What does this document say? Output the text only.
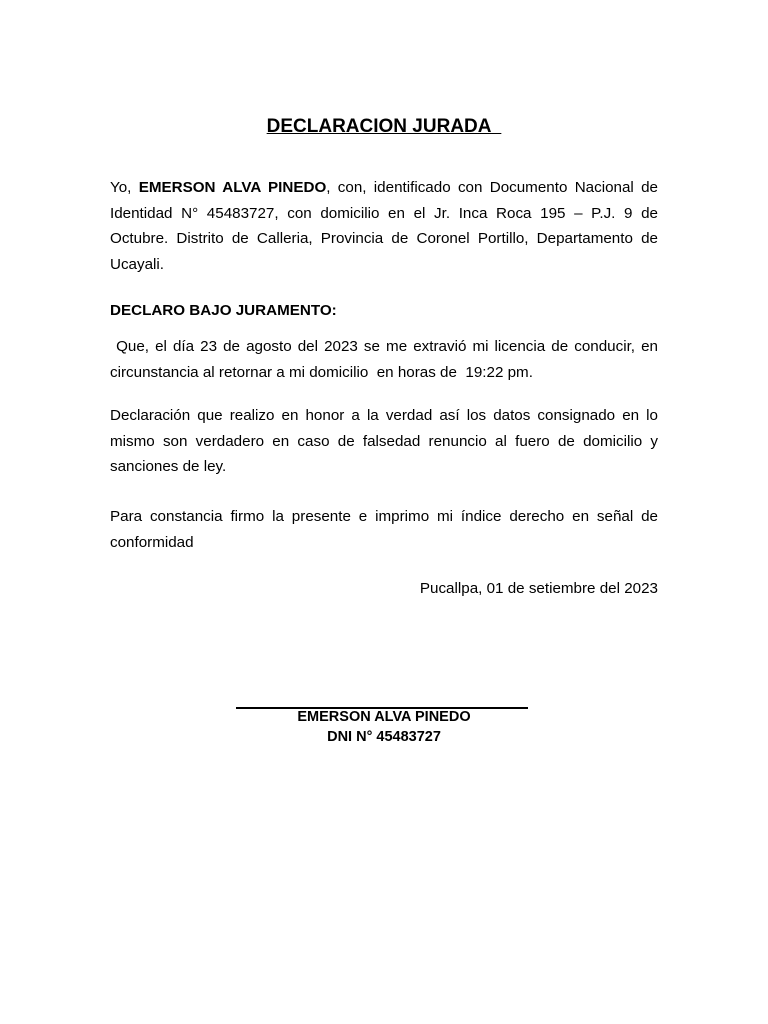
DECLARACION JURADA
Yo, EMERSON ALVA PINEDO, con, identificado con Documento Nacional de Identidad N° 45483727, con domicilio en el Jr. Inca Roca 195 – P.J. 9 de Octubre. Distrito de Calleria, Provincia de Coronel Portillo, Departamento de Ucayali.
DECLARO BAJO JURAMENTO:
Que, el día 23 de agosto del 2023 se me extravió mi licencia de conducir, en circunstancia al retornar a mi domicilio  en horas de  19:22 pm.
Declaración que realizo en honor a la verdad así los datos consignado en lo mismo son verdadero en caso de falsedad renuncio al fuero de domicilio y sanciones de ley.
Para constancia firmo la presente e imprimo mi índice derecho en señal de conformidad
Pucallpa, 01 de setiembre del 2023
EMERSON ALVA PINEDO
DNI N° 45483727
